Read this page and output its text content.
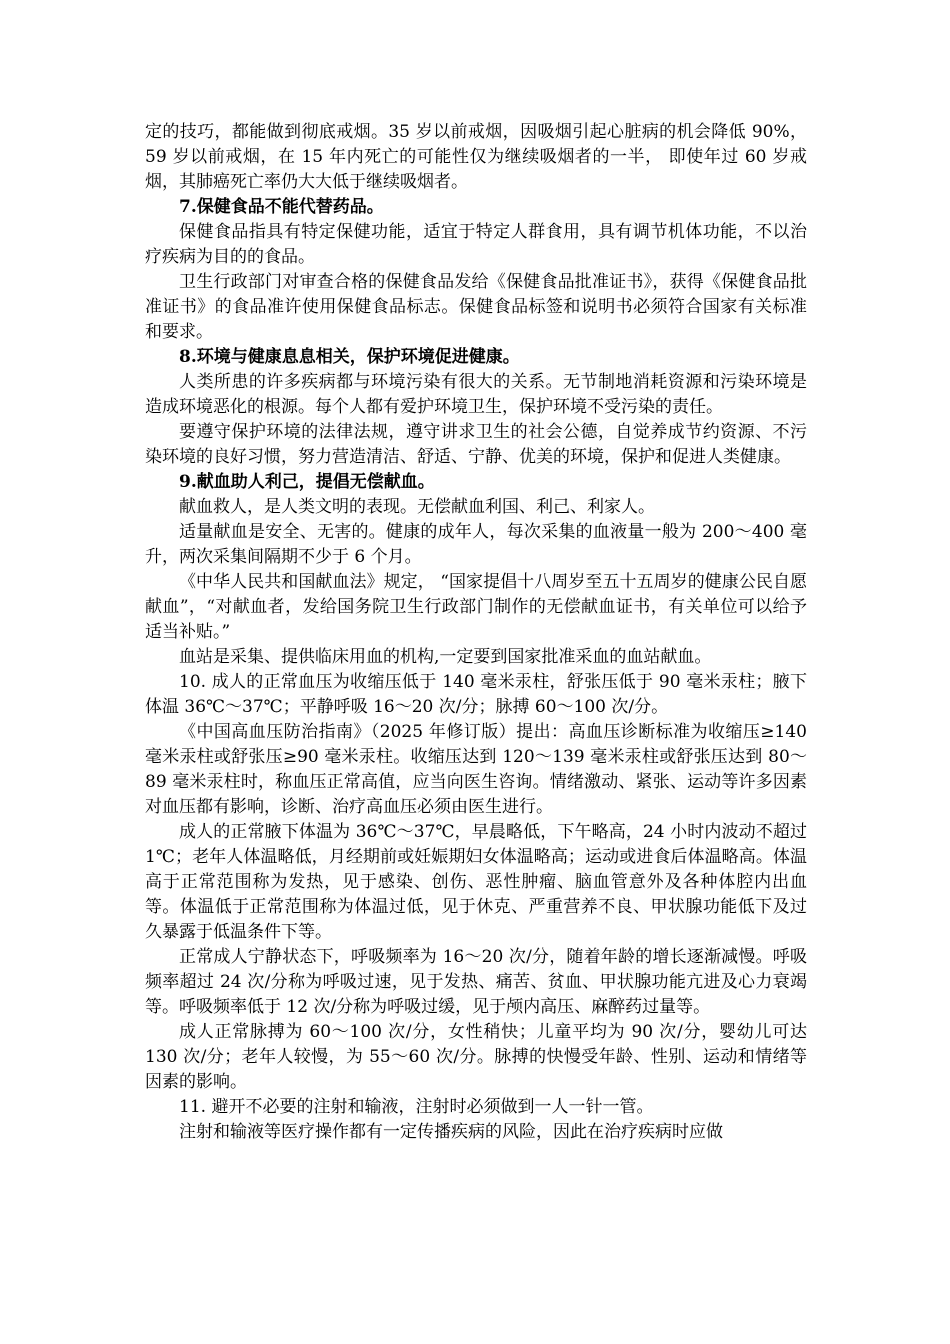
定的技巧，都能做到彻底戒烟。35 岁以前戒烟，因吸烟引起心脏病的机会降低 90%，59 岁以前戒烟，在 15 年内死亡的可能性仅为继续吸烟者的一半， 即使年过 60 岁戒烟，其肺癌死亡率仍大大低于继续吸烟者。

7.保健食品不能代替药品。

保健食品指具有特定保健功能，适宜于特定人群食用，具有调节机体功能，不以治疗疾病为目的的食品。

卫生行政部门对审查合格的保健食品发给《保健食品批准证书》，获得《保健食品批准证书》的食品准许使用保健食品标志。保健食品标签和说明书必须符合国家有关标准和要求。

8.环境与健康息息相关，保护环境促进健康。

人类所患的许多疾病都与环境污染有很大的关系。无节制地消耗资源和污染环境是造成环境恶化的根源。每个人都有爱护环境卫生，保护环境不受污染的责任。

要遵守保护环境的法律法规，遵守讲求卫生的社会公德，自觉养成节约资源、不污染环境的良好习惯，努力营造清洁、舒适、宁静、优美的环境，保护和促进人类健康。

9.献血助人利己，提倡无偿献血。

献血救人，是人类文明的表现。无偿献血利国、利己、利家人。

适量献血是安全、无害的。健康的成年人，每次采集的血液量一般为 200～400 毫升，两次采集间隔期不少于 6 个月。

《中华人民共和国献血法》规定， “国家提倡十八周岁至五十五周岁的健康公民自愿献血”，“对献血者，发给国务院卫生行政部门制作的无偿献血证书，有关单位可以给予适当补贴。”

血站是采集、提供临床用血的机构,一定要到国家批准采血的血站献血。

10. 成人的正常血压为收缩压低于 140 毫米汞柱，舒张压低于 90 毫米汞柱；腋下体温 36℃～37℃；平静呼吸 16～20 次/分；脉搏 60～100 次/分。

《中国高血压防治指南》（2025 年修订版）提出：高血压诊断标准为收缩压≥140 毫米汞柱或舒张压≥90 毫米汞柱。收缩压达到 120～139 毫米汞柱或舒张压达到 80～89 毫米汞柱时，称血压正常高值，应当向医生咨询。情绪激动、紧张、运动等许多因素对血压都有影响，诊断、治疗高血压必须由医生进行。

成人的正常腋下体温为 36℃～37℃，早晨略低，下午略高，24 小时内波动不超过 1℃；老年人体温略低，月经期前或妊娠期妇女体温略高；运动或进食后体温略高。体温高于正常范围称为发热，见于感染、创伤、恶性肿瘤、脑血管意外及各种体腔内出血等。体温低于正常范围称为体温过低，见于休克、严重营养不良、甲状腺功能低下及过久暴露于低温条件下等。

正常成人宁静状态下，呼吸频率为 16～20 次/分，随着年龄的增长逐渐减慢。呼吸频率超过 24 次/分称为呼吸过速，见于发热、痛苦、贫血、甲状腺功能亢进及心力衰竭等。呼吸频率低于 12 次/分称为呼吸过缓，见于颅内高压、麻醉药过量等。

成人正常脉搏为 60～100 次/分，女性稍快；儿童平均为 90 次/分，婴幼儿可达 130 次/分；老年人较慢，为 55～60 次/分。脉搏的快慢受年龄、性别、运动和情绪等因素的影响。

11. 避开不必要的注射和输液，注射时必须做到一人一针一管。

注射和输液等医疗操作都有一定传播疾病的风险，因此在治疗疾病时应做
